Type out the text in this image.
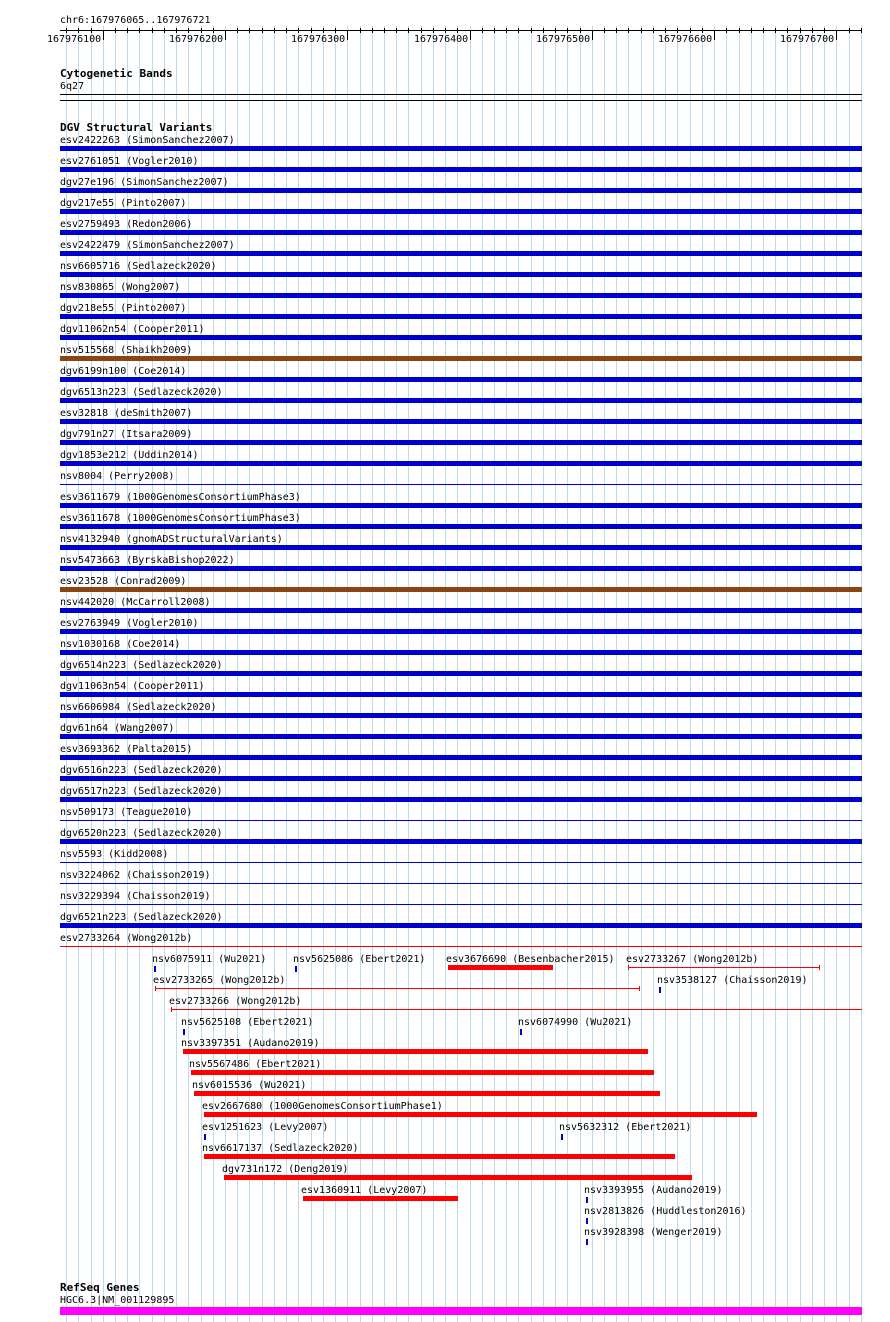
chr6:167976065..167976721
167976100	167976200	167976300	167976400	167976500	167976600	167976700
Cytogenetic Bands
6q27
DGV Structural Variants
esv2422263 (SimonSanchez2007)
esv2761051 (Vogler2010)
dgv27e196 (SimonSanchez2007)
dgv217e55 (Pinto2007)
esv2759493 (Redon2006)
esv2422479 (SimonSanchez2007)
nsv6605716 (Sedlazeck2020)
nsv830865 (Wong2007)
dgv218e55 (Pinto2007)
dgv11062n54 (Cooper2011)
nsv515568 (Shaikh2009)
dgv6199n100 (Coe2014)
dgv6513n223 (Sedlazeck2020)
esv32818 (deSmith2007)
dgv791n27 (Itsara2009)
dgv1853e212 (Uddin2014)
nsv8004 (Perry2008)
esv3611679 (1000GenomesConsortiumPhase3)
esv3611678 (1000GenomesConsortiumPhase3)
nsv4132940 (gnomADStructuralVariants)
nsv5473663 (ByrskaBishop2022)
esv23528 (Conrad2009)
nsv442020 (McCarroll2008)
esv2763949 (Vogler2010)
nsv1030168 (Coe2014)
dgv6514n223 (Sedlazeck2020)
dgv11063n54 (Cooper2011)
nsv6606984 (Sedlazeck2020)
dgv61n64 (Wang2007)
esv3693362 (Palta2015)
dgv6516n223 (Sedlazeck2020)
dgv6517n223 (Sedlazeck2020)
nsv509173 (Teague2010)
dgv6520n223 (Sedlazeck2020)
nsv5593 (Kidd2008)
nsv3224062 (Chaisson2019)
nsv3229394 (Chaisson2019)
dgv6521n223 (Sedlazeck2020)
esv2733264 (Wong2012b)
nsv6075911 (Wu2021)	nsv5625086 (Ebert2021) esv3676690 (Besenbacher2015) esv2733267 (Wong2012b)
esv2733265 (Wong2012b)	nsv3538127 (Chaisson2019)
esv2733266 (Wong2012b)
nsv5625108 (Ebert2021)	nsv6074990 (Wu2021)
nsv3397351 (Audano2019)
nsv5567486 (Ebert2021)
nsv6015536 (Wu2021)
esv2667680 (1000GenomesConsortiumPhase1)
esv1251623 (Levy2007)	nsv5632312 (Ebert2021)
nsv6617137 (Sedlazeck2020)
dgv731n172 (Deng2019)
esv1360911 (Levy2007)	nsv3393955 (Audano2019)
nsv2813826 (Huddleston2016)
nsv3928398 (Wenger2019)
RefSeq Genes
HGC6.3|NM_001129895
